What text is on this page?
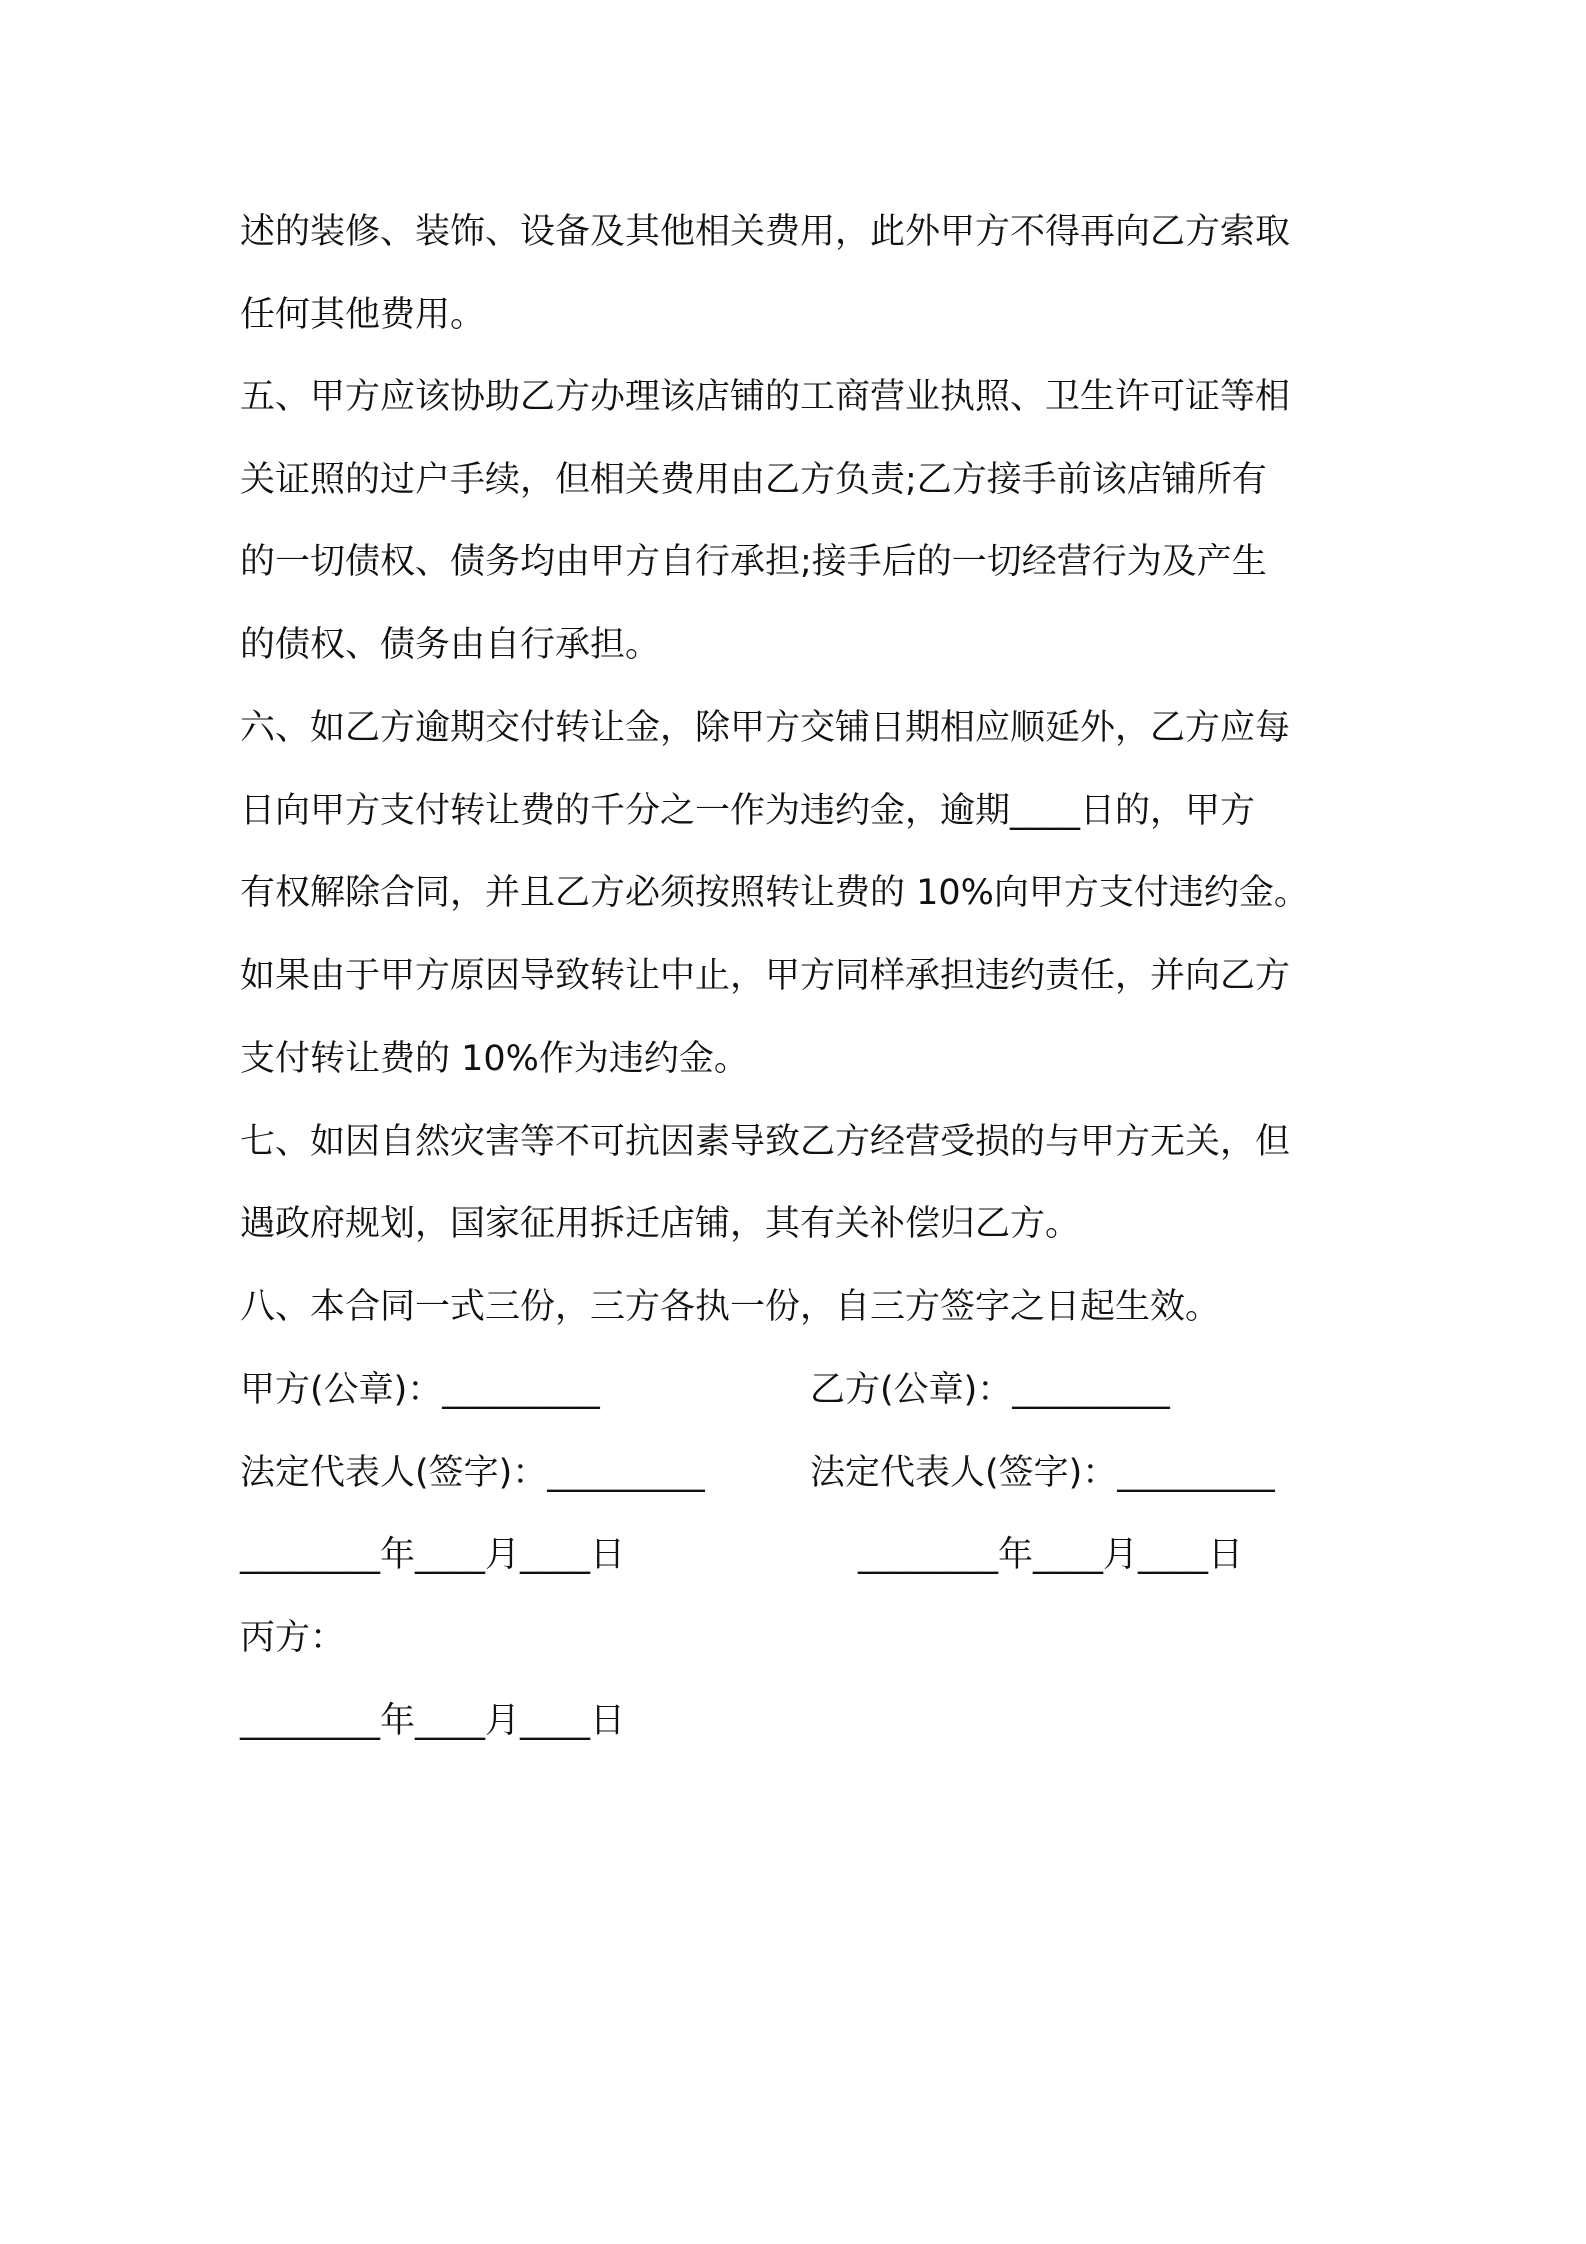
述的装修、装饰、设备及其他相关费用，此外甲方不得再向乙方索取
任何其他费用。
五、甲方应该协助乙方办理该店铺的工商营业执照、卫生许可证等相
关证照的过户手续，但相关费用由乙方负责;乙方接手前该店铺所有
的一切债权、债务均由甲方自行承担;接手后的一切经营行为及产生
的债权、债务由自行承担。
六、如乙方逾期交付转让金，除甲方交铺日期相应顺延外，乙方应每
日向甲方支付转让费的千分之一作为违约金，逾期____日的，甲方
有权解除合同，并且乙方必须按照转让费的 10%向甲方支付违约金。
如果由于甲方原因导致转让中止，甲方同样承担违约责任，并向乙方
支付转让费的 10%作为违约金。
七、如因自然灾害等不可抗因素导致乙方经营受损的与甲方无关，但
遇政府规划，国家征用拆迁店铺，其有关补偿归乙方。
八、本合同一式三份，三方各执一份，自三方签字之日起生效。
甲方(公章)：_________	乙方(公章)：_________
法定代表人(签字)：_________	法定代表人(签字)：_________
________年____月____日	________年____月____日
丙方：
________年____月____日
